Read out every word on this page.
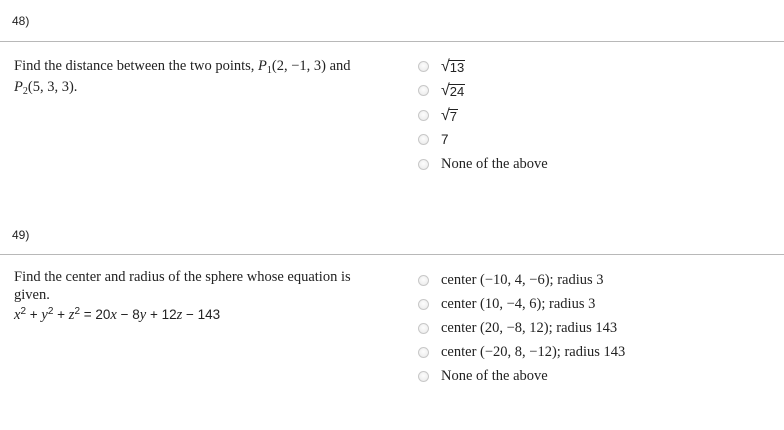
48)
Find the distance between the two points, $P_1(2$, −1, 3) and
$P_2(5$, 3, 3).
√ 13
√ 24
√ 7
7
None of the above
49)
Find the center and radius of the sphere whose equation is
given.
$x^2 + y^2 + z^2 = 20x - 8y + 12z - 143$
center (−10, 4, −6); radius 3
center (10, −4, 6); radius 3
center (20, −8, 12); radius 143
center (−20, 8, −12); radius 143
None of the above
